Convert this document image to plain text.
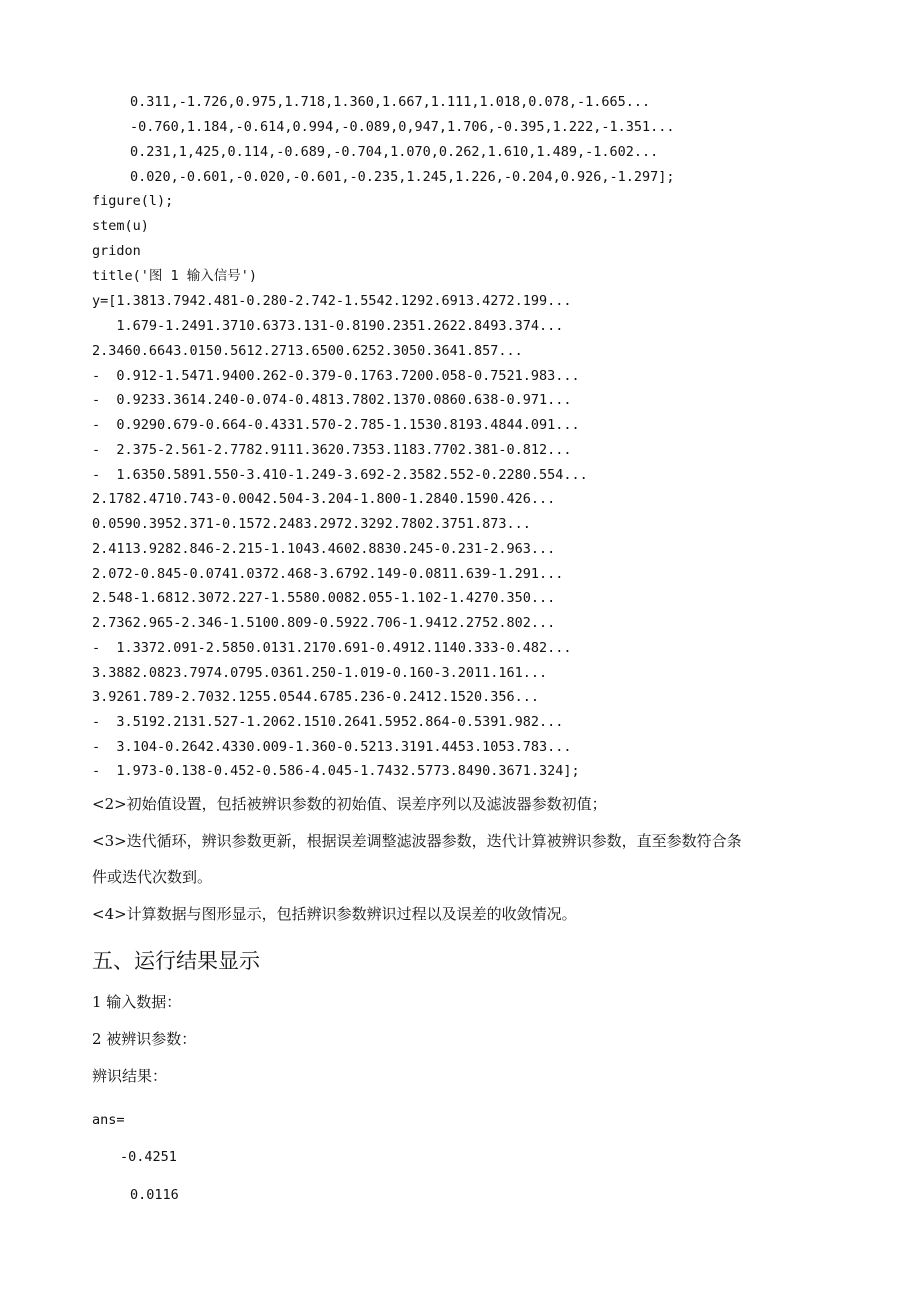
0.311,-1.726,0.975,1.718,1.360,1.667,1.111,1.018,0.078,-1.665...
-0.760,1.184,-0.614,0.994,-0.089,0,947,1.706,-0.395,1.222,-1.351...
0.231,1,425,0.114,-0.689,-0.704,1.070,0.262,1.610,1.489,-1.602...
0.020,-0.601,-0.020,-0.601,-0.235,1.245,1.226,-0.204,0.926,-1.297];
figure(l);
stem(u)
gridon
title('图 1 输入信号')
y=[1.3813.7942.481-0.280-2.742-1.5542.1292.6913.4272.199...
1.679-1.2491.3710.6373.131-0.8190.2351.2622.8493.374...
2.3460.6643.0150.5612.2713.6500.6252.3050.3641.857...
-  0.912-1.5471.9400.262-0.379-0.1763.7200.058-0.7521.983...
-  0.9233.3614.240-0.074-0.4813.7802.1370.0860.638-0.971...
-  0.9290.679-0.664-0.4331.570-2.785-1.1530.8193.4844.091...
-  2.375-2.561-2.7782.9111.3620.7353.1183.7702.381-0.812...
-  1.6350.5891.550-3.410-1.249-3.692-2.3582.552-0.2280.554...
2.1782.4710.743-0.0042.504-3.204-1.800-1.2840.1590.426...
0.0590.3952.371-0.1572.2483.2972.3292.7802.3751.873...
2.4113.9282.846-2.215-1.1043.4602.8830.245-0.231-2.963...
2.072-0.845-0.0741.0372.468-3.6792.149-0.0811.639-1.291...
2.548-1.6812.3072.227-1.5580.0082.055-1.102-1.4270.350...
2.7362.965-2.346-1.5100.809-0.5922.706-1.9412.2752.802...
-  1.3372.091-2.5850.0131.2170.691-0.4912.1140.333-0.482...
3.3882.0823.7974.0795.0361.250-1.019-0.160-3.2011.161...
3.9261.789-2.7032.1255.0544.6785.236-0.2412.1520.356...
-  3.5192.2131.527-1.2062.1510.2641.5952.864-0.5391.982...
-  3.104-0.2642.4330.009-1.360-0.5213.3191.4453.1053.783...
-  1.973-0.138-0.452-0.586-4.045-1.7432.5773.8490.3671.324];
<2>初始值设置，包括被辨识参数的初始值、误差序列以及滤波器参数初值；
<3>迭代循环，辨识参数更新，根据误差调整滤波器参数，迭代计算被辨识参数，直至参数符合条
件或迭代次数到。
<4>计算数据与图形显示，包括辨识参数辨识过程以及误差的收敛情况。
五、运行结果显示
1 输入数据：
2 被辨识参数：
辨识结果：
ans=
-0.4251
0.0116
